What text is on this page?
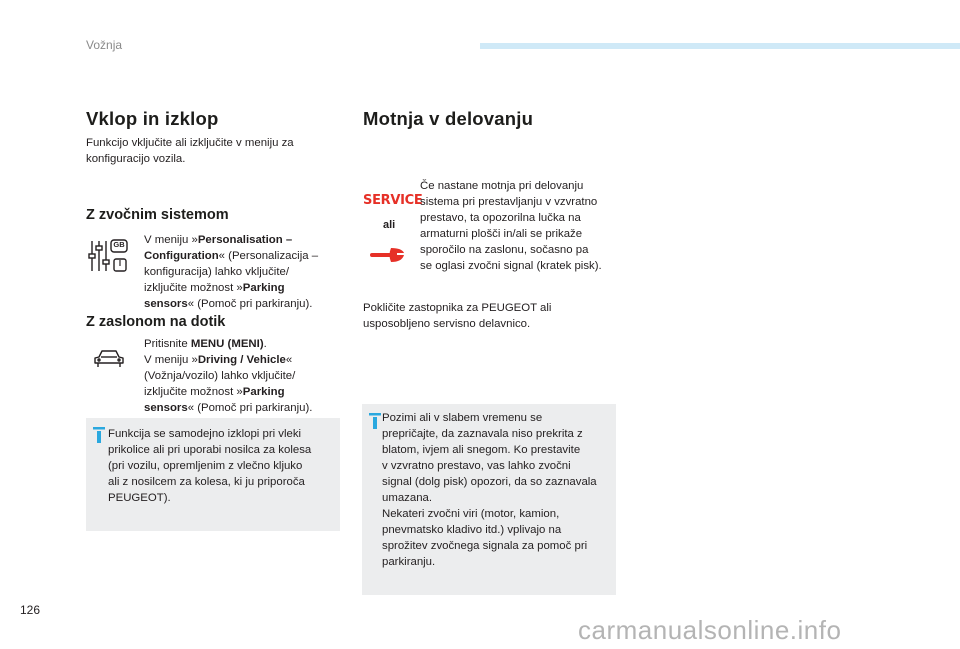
Vožnja
Vklop in izklop
Funkcijo vključite ali izključite v meniju za konfiguracijo vozila.
Z zvočnim sistemom
GB
I
V meniju »Personalisation –
Configuration« (Personalizacija –
konfiguracija) lahko vključite/
izključite možnost »Parking
sensors« (Pomoč pri parkiranju).
Z zaslonom na dotik
Pritisnite MENU (MENI).
V meniju »Driving / Vehicle«
(Vožnja/vozilo) lahko vključite/
izključite možnost »Parking
sensors« (Pomoč pri parkiranju).
Funkcija se samodejno izklopi pri vleki
prikolice ali pri uporabi nosilca za kolesa
(pri vozilu, opremljenim z vlečno kljuko
ali z nosilcem za kolesa, ki ju priporoča
PEUGEOT).
Motnja v delovanju
SERVICE
ali
Če nastane motnja pri delovanju
sistema pri prestavljanju v vzvratno
prestavo, ta opozorilna lučka na
armaturni plošči in/ali se prikaže
sporočilo na zaslonu, sočasno pa
se oglasi zvočni signal (kratek pisk).
Pokličite zastopnika za PEUGEOT ali
usposobljeno servisno delavnico.
Pozimi ali v slabem vremenu se
prepričajte, da zaznavala niso prekrita z
blatom, ivjem ali snegom. Ko prestavite
v vzvratno prestavo, vas lahko zvočni
signal (dolg pisk) opozori, da so zaznavala
umazana.
Nekateri zvočni viri (motor, kamion,
pnevmatsko kladivo itd.) vplivajo na
sprožitev zvočnega signala za pomoč pri
parkiranju.
126
carmanualsonline.info
